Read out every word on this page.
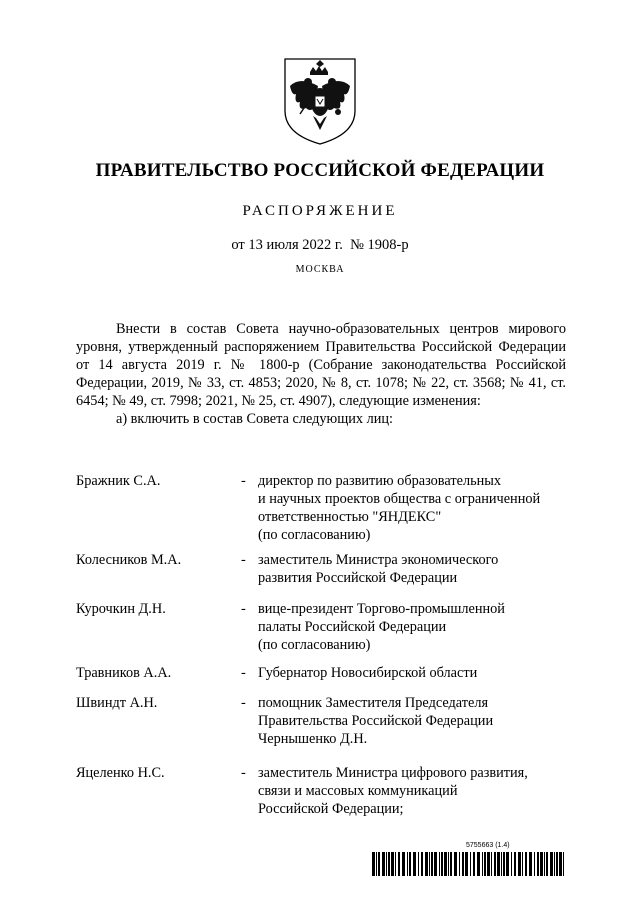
ПРАВИТЕЛЬСТВО РОССИЙСКОЙ ФЕДЕРАЦИИ
РАСПОРЯЖЕНИЕ
от 13 июля 2022 г. № 1908-р
МОСКВА

Внести в состав Совета научно-образовательных центров мирового уровня, утвержденный распоряжением Правительства Российской Федерации от 14 августа 2019 г. № 1800-р (Собрание законодательства Российской Федерации, 2019, № 33, ст. 4853; 2020, № 8, ст. 1078; № 22, ст. 3568; № 41, ст. 6454; № 49, ст. 7998; 2021, № 25, ст. 4907), следующие изменения:

а) включить в состав Совета следующих лиц:

Бражник С.А.	- директор по развитию образовательных
и научных проектов общества с ограниченной
ответственностью "ЯНДЕКС"
(по согласованию)
Колесников М.А.	- заместитель Министра экономического
развития Российской Федерации
Курочкин Д.Н.	- вице-президент Торгово-промышленной
палаты Российской Федерации
(по согласованию)
Травников А.А.	- Губернатор Новосибирской области
Швиндт А.Н.	- помощник Заместителя Председателя
Правительства Российской Федерации
Чернышенко Д.Н.
Яцеленко Н.С.	- заместитель Министра цифрового развития,
связи и массовых коммуникаций
Российской Федерации;
5755663 (1.4)
